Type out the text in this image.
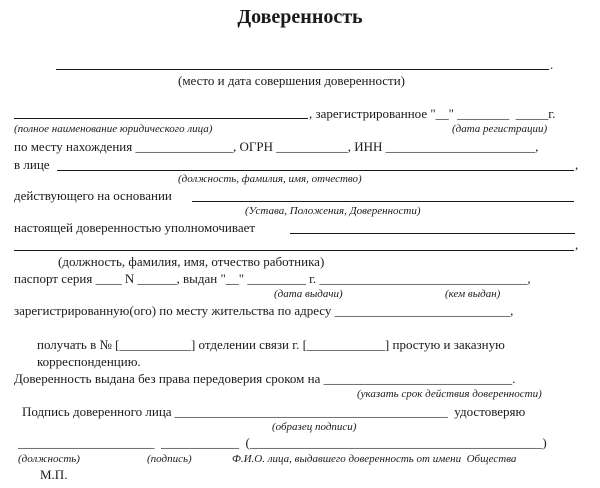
Доверенность
.
(место и дата совершения доверенности)
, зарегистрированное "__" ________  _____г.
(полное наименование юридического лица)	(дата регистрации)
по месту нахождения _______________, ОГРН ___________, ИНН _______________________,
в лице	,
(должность, фамилия, имя, отчество)
действующего на основании
(Устава, Положения, Доверенности)
настоящей доверенностью уполномочивает
,
(должность, фамилия, имя, отчество работника)
паспорт серия ____ N ______, выдан "__" _________ г. ________________________________,
(дата выдачи)	(кем выдан)
зарегистрированную(ого) по месту жительства по адресу ___________________________,
получать в № [___________] отделении связи г. [____________] простую и заказную
корреспонденцию.
Доверенность выдана без права передоверия сроком на _____________________________.
(указать срок действия доверенности)
Подпись доверенного лица __________________________________________  удостоверяю
(образец подписи)
_____________________  ____________  (_____________________________________________)
(должность)	(подпись)	Ф.И.О. лица, выдавшего доверенность от имени  Общества
М.П.
